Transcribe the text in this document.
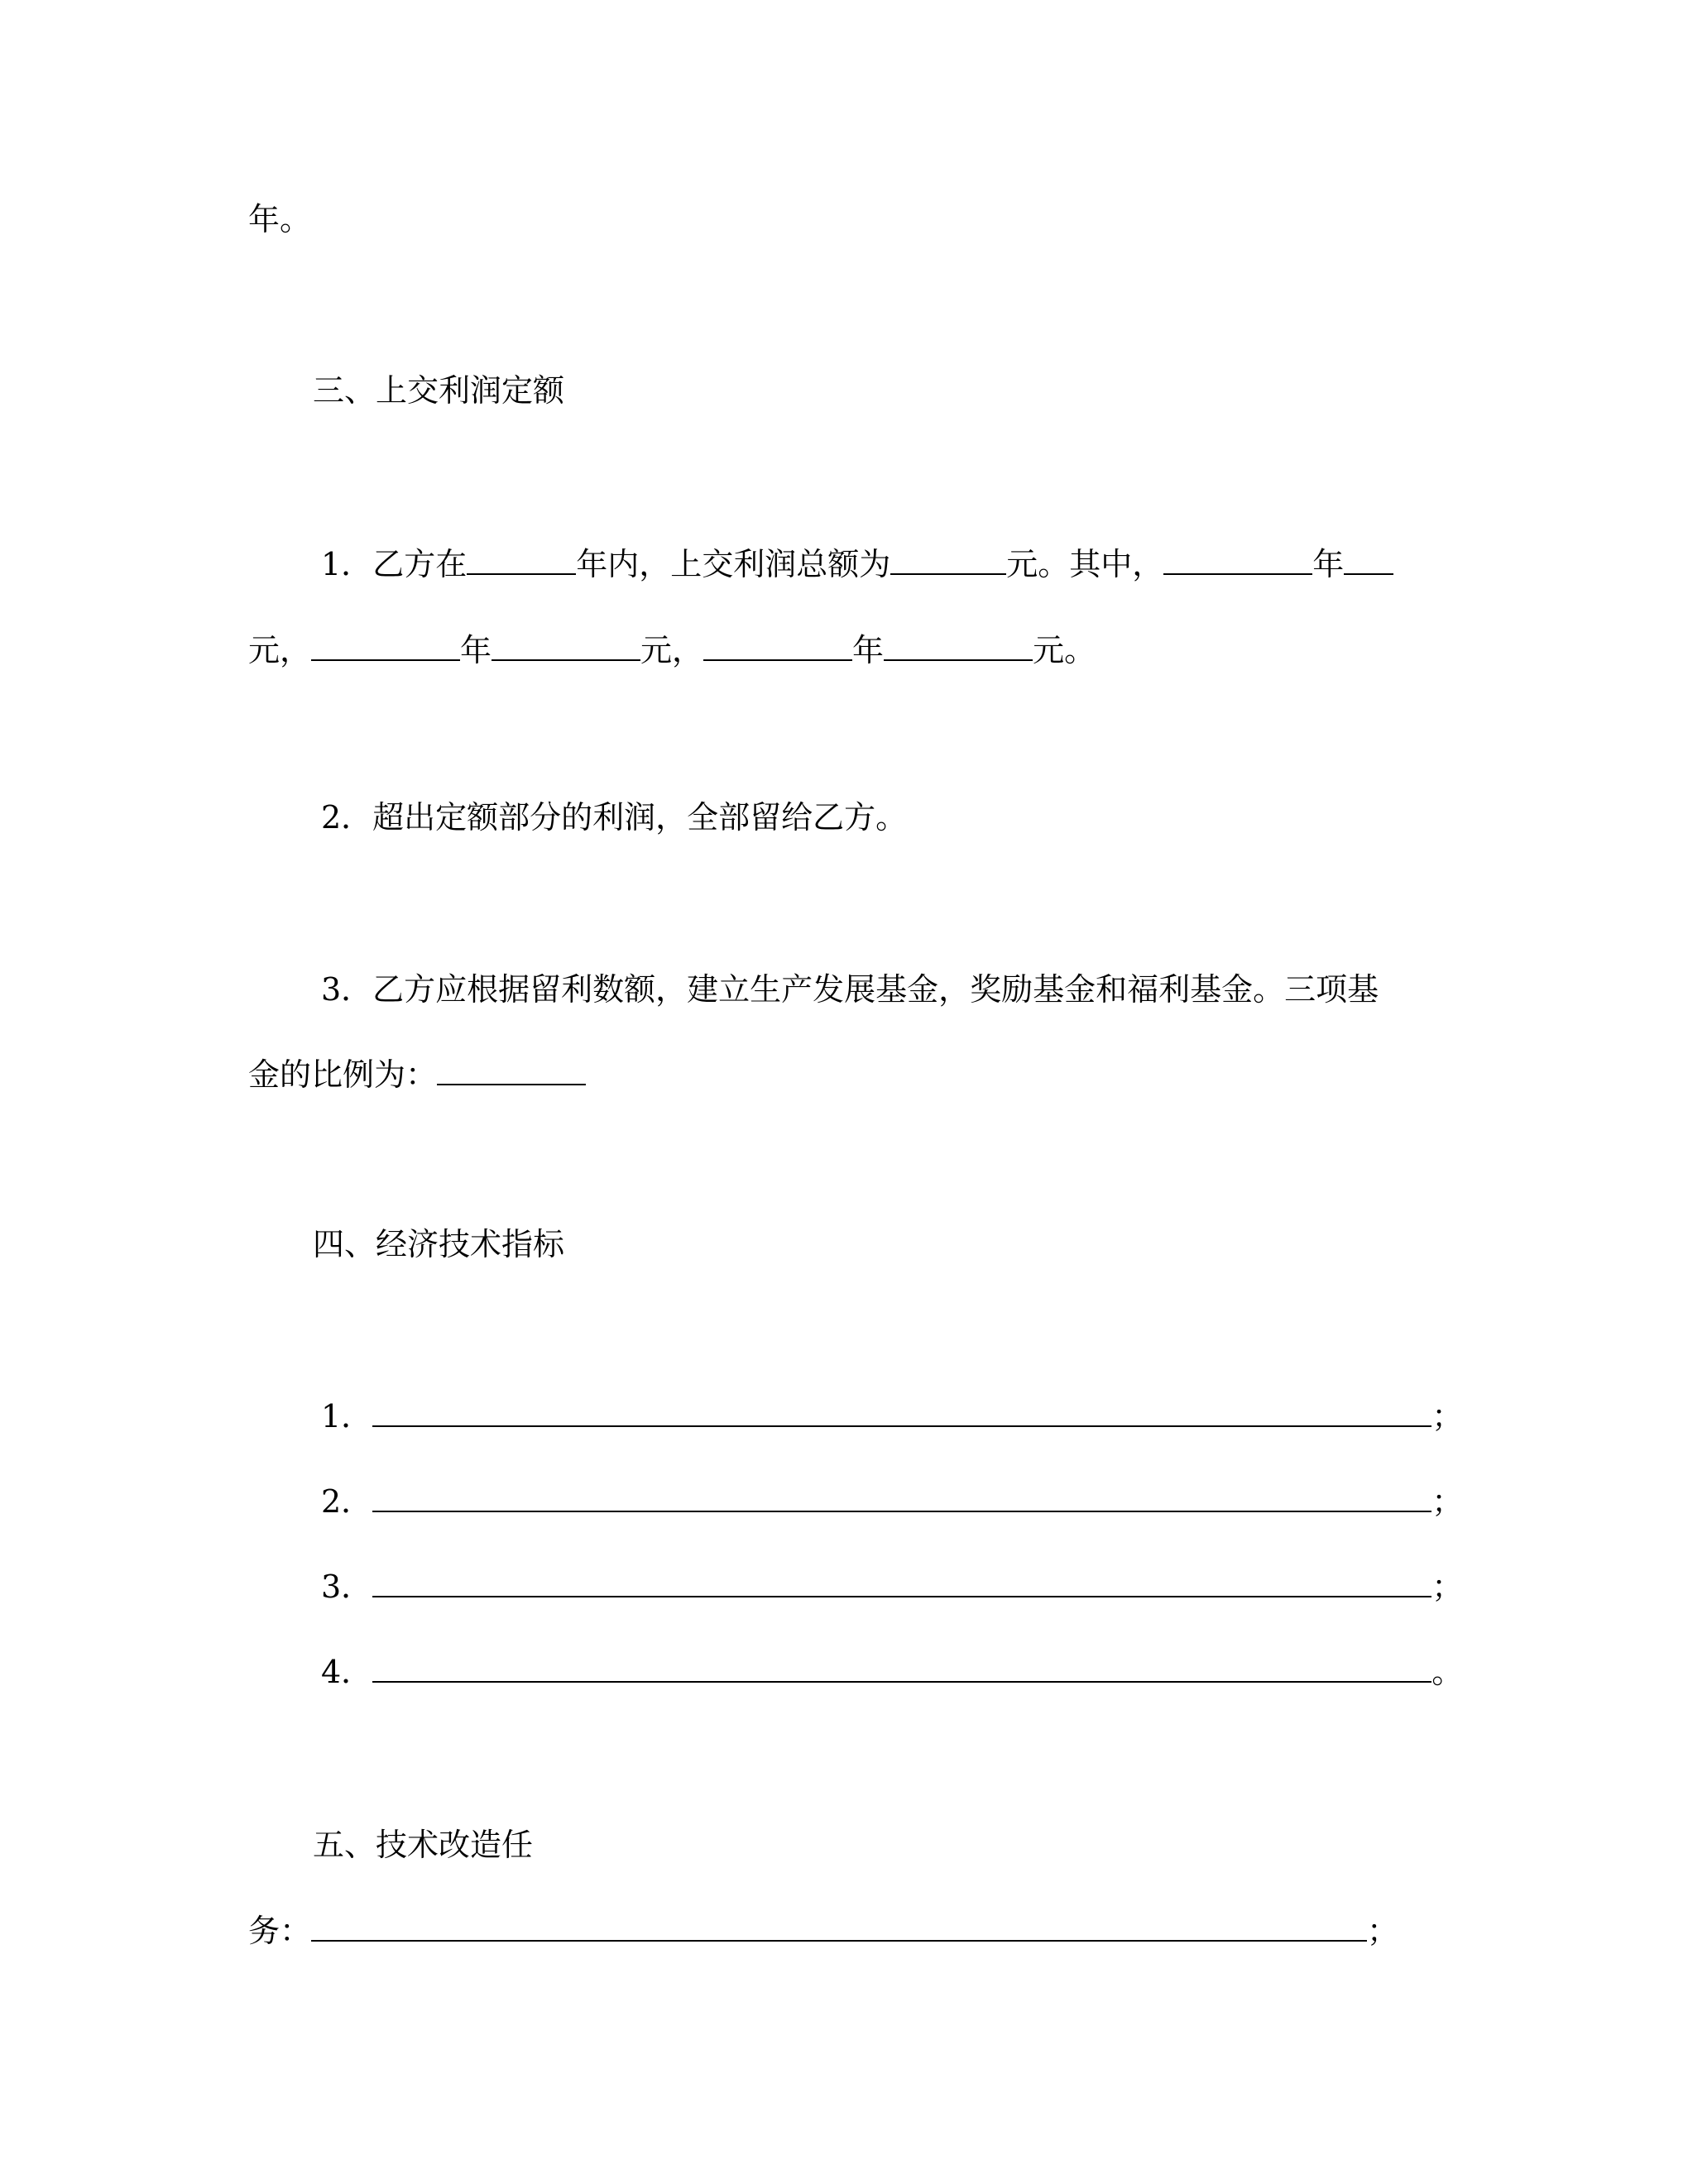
年。
三、上交利润定额
1．乙方在	年内，上交利润总额为	元。其中，	年
元，	年	元，	年	元。
2．超出定额部分的利润，全部留给乙方。
3．乙方应根据留利数额，建立生产发展基金，奖励基金和福利基金。三项基
金的比例为：
四、经济技术指标
1．	；
2．	；
3．	；
4．	。
五、技术改造任
务：	；
